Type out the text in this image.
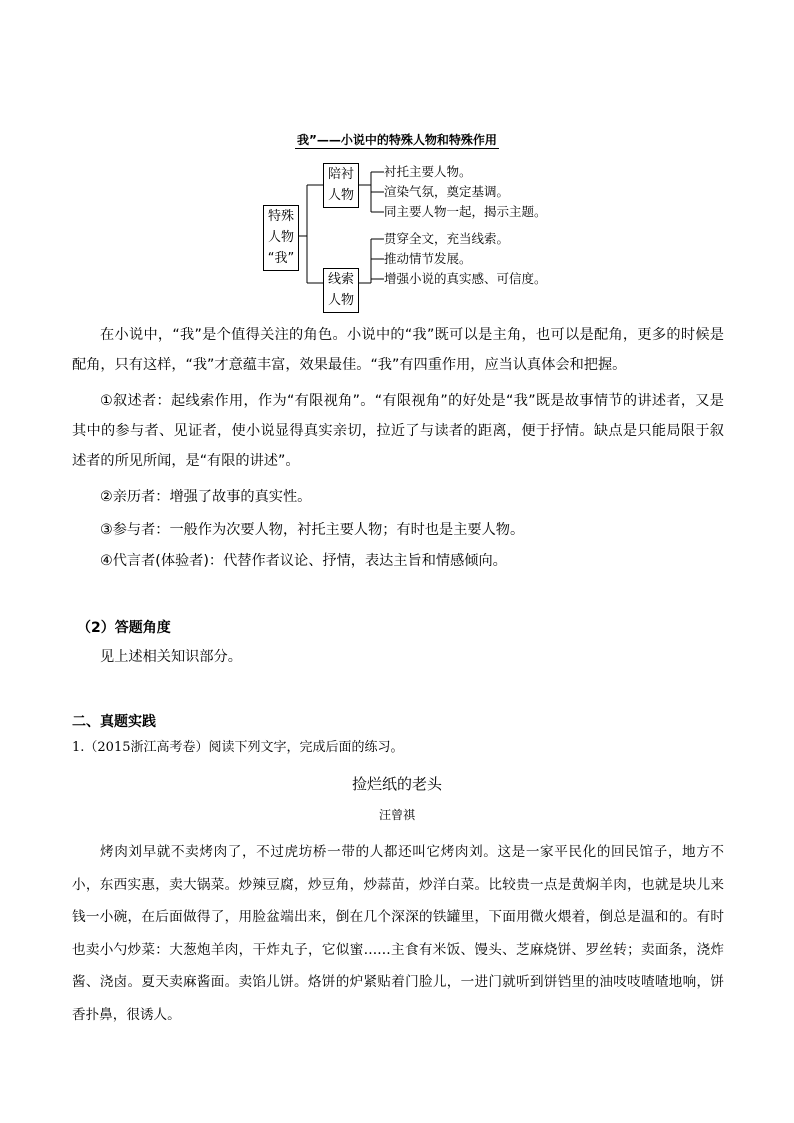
我”——小说中的特殊人物和特殊作用
特殊
人物
“我”
陪衬
人物
线索
人物
衬托主要人物。
渲染气氛，奠定基调。
同主要人物一起，揭示主题。
贯穿全文，充当线索。
推动情节发展。
增强小说的真实感、可信度。
在小说中，“我”是个值得关注的角色。小说中的“我”既可以是主角，也可以是配角，更多的时候是配角，只有这样，“我”才意蕴丰富，效果最佳。“我”有四重作用，应当认真体会和把握。
①叙述者：起线索作用，作为“有限视角”。“有限视角”的好处是“我”既是故事情节的讲述者，又是其中的参与者、见证者，使小说显得真实亲切，拉近了与读者的距离，便于抒情。缺点是只能局限于叙述者的所见所闻，是“有限的讲述”。
②亲历者：增强了故事的真实性。
③参与者：一般作为次要人物，衬托主要人物；有时也是主要人物。
④代言者(体验者)：代替作者议论、抒情，表达主旨和情感倾向。
（2）答题角度
见上述相关知识部分。
二、真题实践
1.（2015浙江高考卷）阅读下列文字，完成后面的练习。
捡烂纸的老头
汪曾祺
烤肉刘早就不卖烤肉了，不过虎坊桥一带的人都还叫它烤肉刘。这是一家平民化的回民馆子，地方不小，东西实惠，卖大锅菜。炒辣豆腐，炒豆角，炒蒜苗，炒洋白菜。比较贵一点是黄焖羊肉，也就是块儿来钱一小碗，在后面做得了，用脸盆端出来，倒在几个深深的铁罐里，下面用微火煨着，倒总是温和的。有时也卖小勺炒菜：大葱炮羊肉，干炸丸子，它似蜜……主食有米饭、馒头、芝麻烧饼、罗丝转；卖面条，浇炸酱、浇卤。夏天卖麻酱面。卖馅儿饼。烙饼的炉紧贴着门脸儿，一进门就听到饼铛里的油吱吱喳喳地响，饼香扑鼻，很诱人。
